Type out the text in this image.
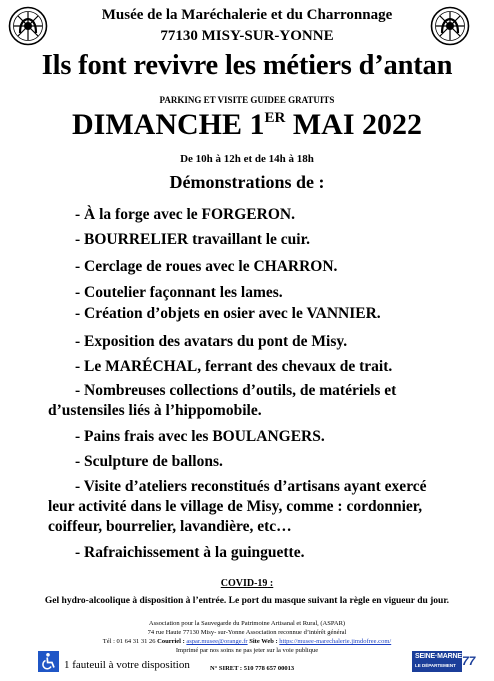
Musée de la Maréchalerie et du Charronnage
77130 MISY-SUR-YONNE
Ils font revivre les métiers d’antan
PARKING ET VISITE GUIDEE GRATUITS
DIMANCHE 1ER MAI 2022
De 10h à 12h et de 14h à 18h
Démonstrations de :
- À la forge avec le FORGERON.
- BOURRELIER travaillant le cuir.
- Cerclage de roues avec le CHARRON.
- Coutelier façonnant les lames.
- Création d’objets en osier avec le VANNIER.
- Exposition des avatars du pont de Misy.
- Le MARÉCHAL, ferrant des chevaux de trait.
- Nombreuses collections d’outils, de matériels et
d’ustensiles liés à l’hippomobile.
- Pains frais avec les BOULANGERS.
- Sculpture de ballons.
- Visite d’ateliers reconstitués d’artisans ayant exercé
leur activité dans le village de Misy, comme : cordonnier,
coiffeur, bourrelier, lavandière, etc…
- Rafraichissement à la guinguette.
COVID-19 :
Gel hydro-alcoolique à disposition à l’entrée. Le port du masque suivant la règle en vigueur du jour.
Association pour la Sauvegarde du Patrimoine Artisanal et Rural, (ASPAR)
74 rue Haute 77130 Misy- sur-Yonne Association reconnue d’intérêt général
Tél : 01 64 31 31 26 Courriel : aspar.musee@orange.fr Site Web : https://musee-marechalerie.jimdofree.com/
Imprimé par nos soins ne pas jeter sur la voie publique
1 fauteuil à votre disposition	N° SIRET : 510 778 657 00013
SEINE·MARNE
LE DÉPARTEMENT 77
